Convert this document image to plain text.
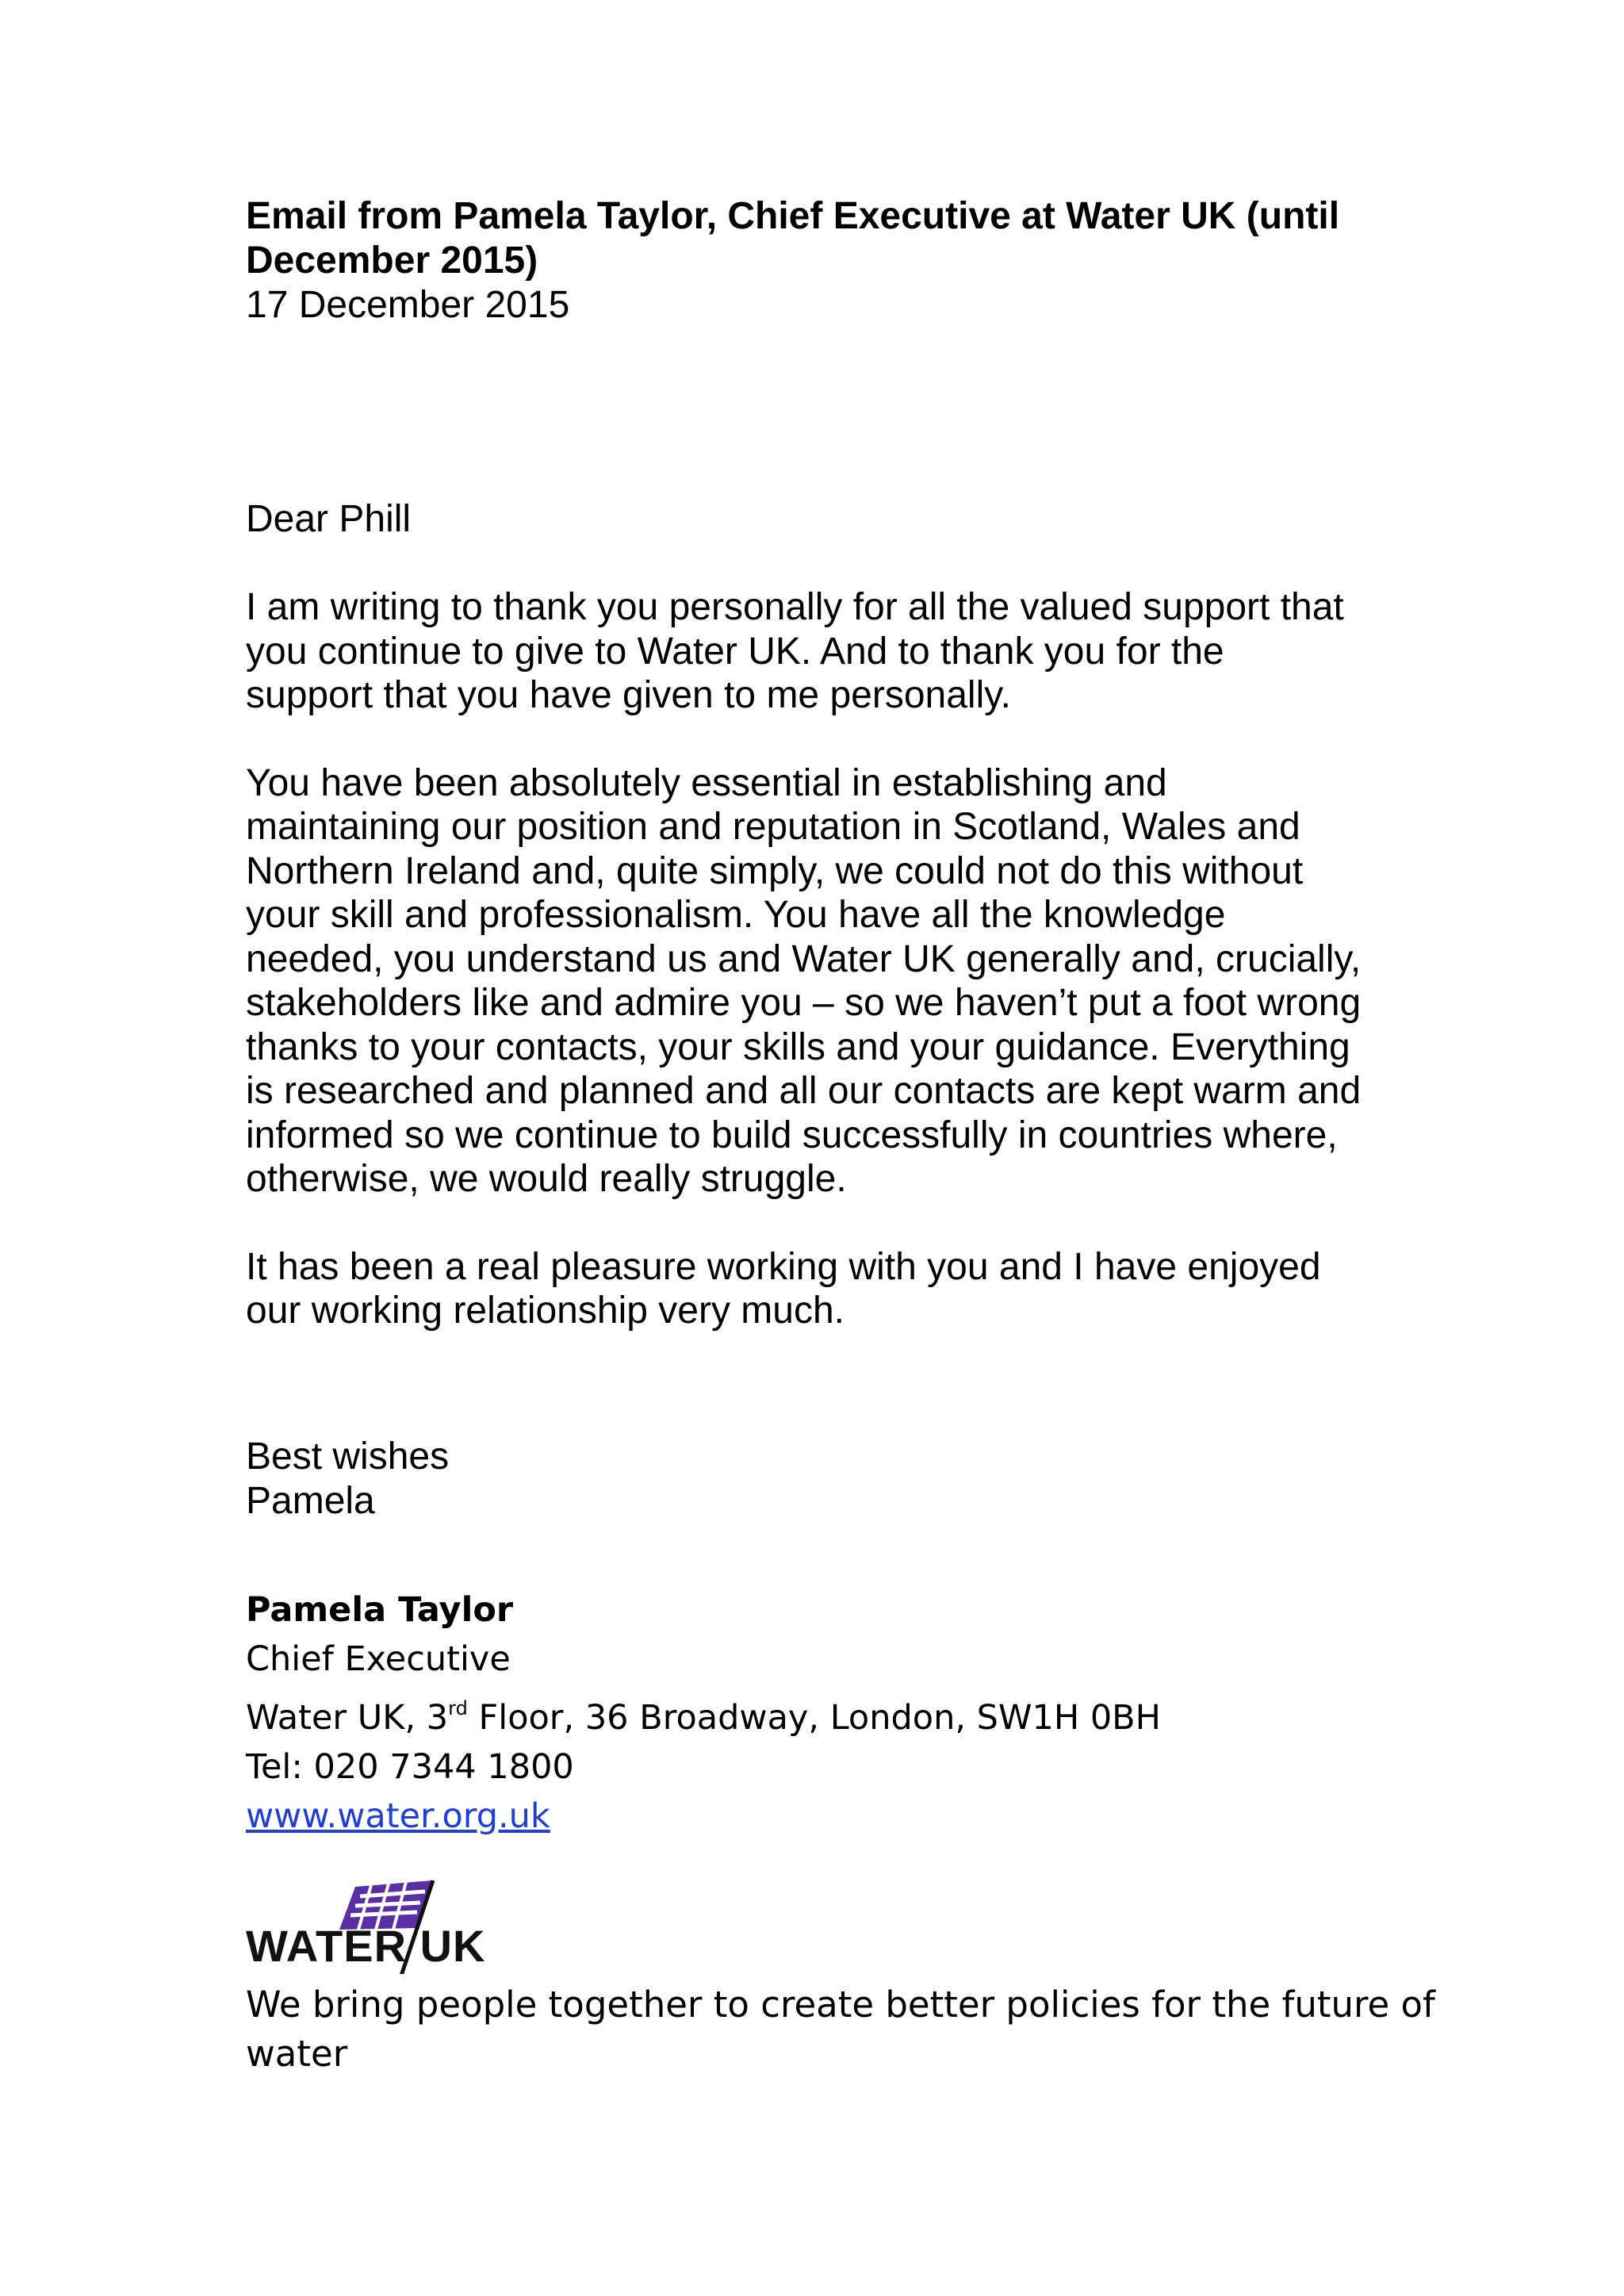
Email from Pamela Taylor, Chief Executive at Water UK (until
December 2015)

17 December 2015

Dear Phill

I am writing to thank you personally for all the valued support that
you continue to give to Water UK. And to thank you for the
support that you have given to me personally.

You have been absolutely essential in establishing and
maintaining our position and reputation in Scotland, Wales and
Northern Ireland and, quite simply, we could not do this without
your skill and professionalism. You have all the knowledge
needed, you understand us and Water UK generally and, crucially,
stakeholders like and admire you – so we haven’t put a foot wrong
thanks to your contacts, your skills and your guidance. Everything
is researched and planned and all our contacts are kept warm and
informed so we continue to build successfully in countries where,
otherwise, we would really struggle.

It has been a real pleasure working with you and I have enjoyed
our working relationship very much.

Best wishes
Pamela

Pamela Taylor

Chief Executive

Water UK, 3rd Floor, 36 Broadway, London, SW1H 0BH

Tel: 020 7344 1800

www.water.org.uk

WATER UK
We bring people together to create better policies for the future of water
